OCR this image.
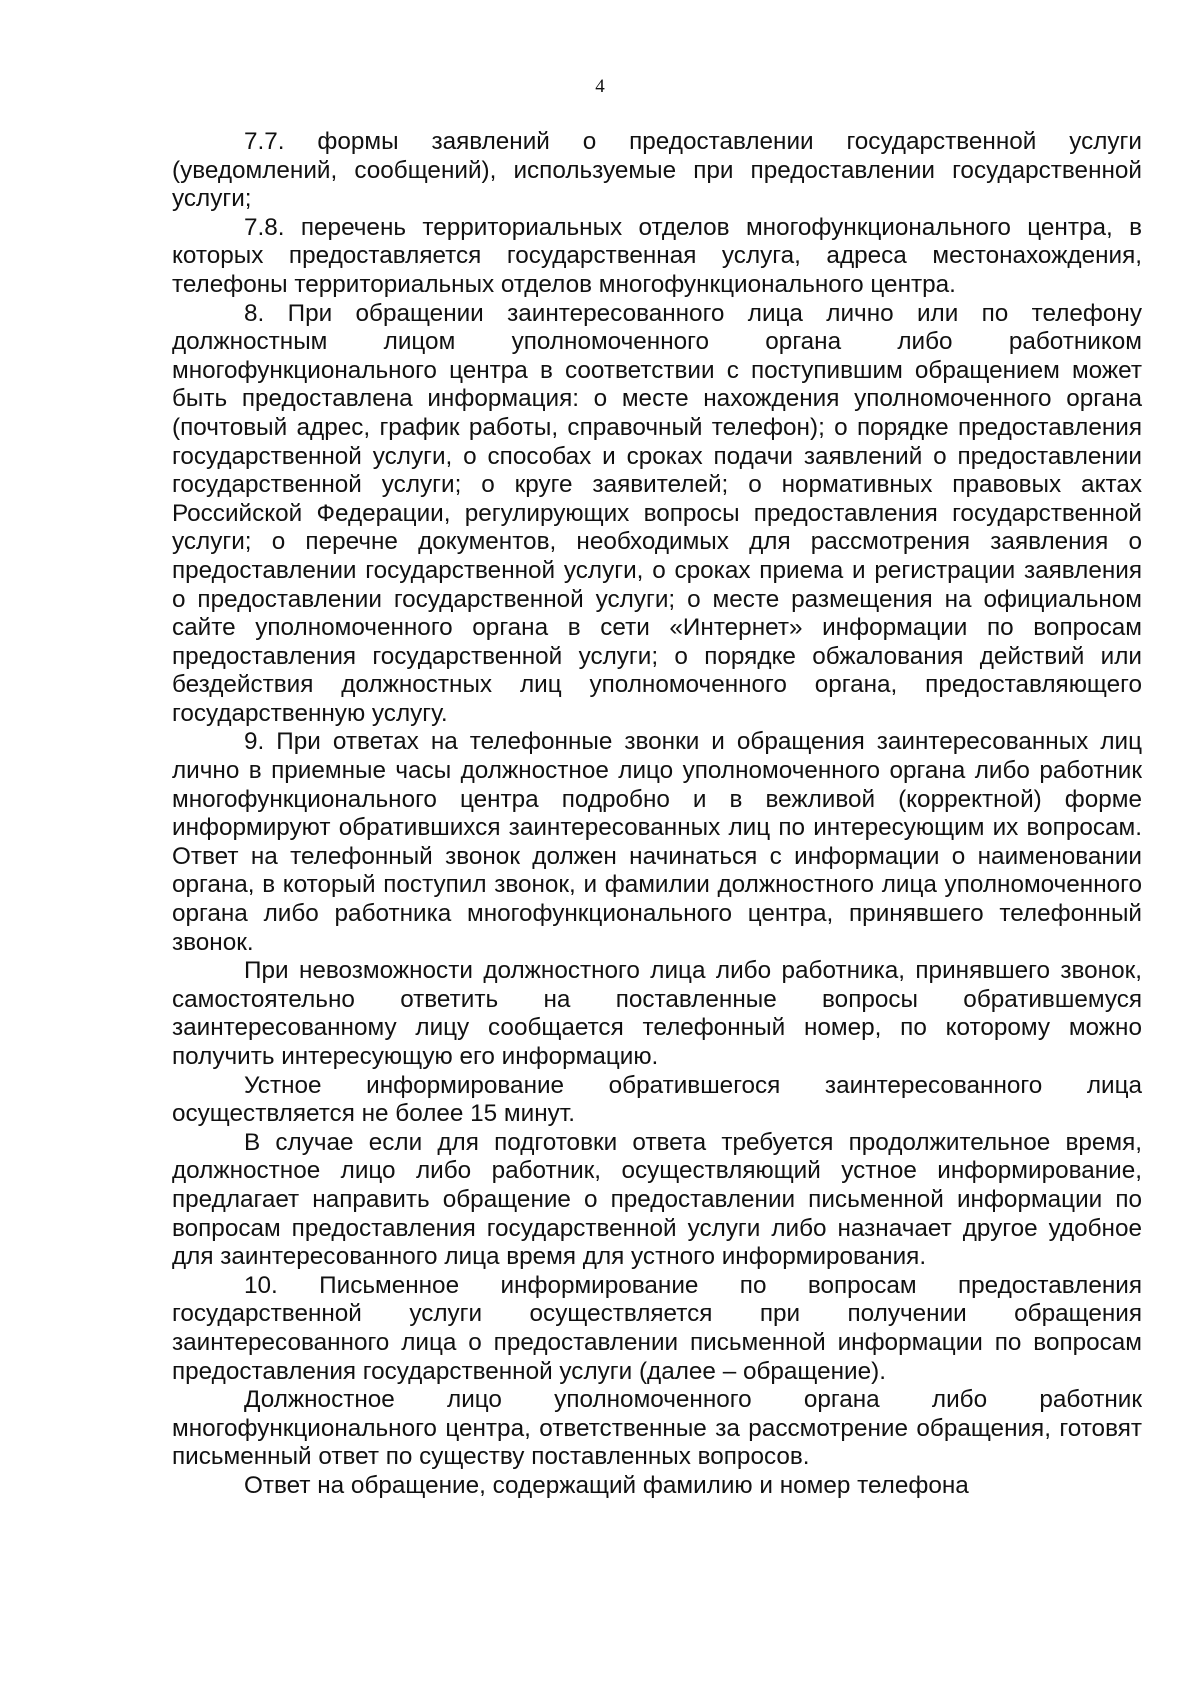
4

7.7. формы заявлений о предоставлении государственной услуги (уведомлений, сообщений), используемые при предоставлении государственной услуги;

7.8. перечень территориальных отделов многофункционального центра, в которых предоставляется государственная услуга, адреса местонахождения, телефоны территориальных отделов многофункционального центра.

8. При обращении заинтересованного лица лично или по телефону должностным лицом уполномоченного органа либо работником многофункционального центра в соответствии с поступившим обращением может быть предоставлена информация: о месте нахождения уполномоченного органа (почтовый адрес, график работы, справочный телефон); о порядке предоставления государственной услуги, о способах и сроках подачи заявлений о предоставлении государственной услуги; о круге заявителей; о нормативных правовых актах Российской Федерации, регулирующих вопросы предоставления государственной услуги; о перечне документов, необходимых для рассмотрения заявления о предоставлении государственной услуги, о сроках приема и регистрации заявления о предоставлении государственной услуги; о месте размещения на официальном сайте уполномоченного органа в сети «Интернет» информации по вопросам предоставления государственной услуги; о порядке обжалования действий или бездействия должностных лиц уполномоченного органа, предоставляющего государственную услугу.

9. При ответах на телефонные звонки и обращения заинтересованных лиц лично в приемные часы должностное лицо уполномоченного органа либо работник многофункционального центра подробно и в вежливой (корректной) форме информируют обратившихся заинтересованных лиц по интересующим их вопросам. Ответ на телефонный звонок должен начинаться с информации о наименовании органа, в который поступил звонок, и фамилии должностного лица уполномоченного органа либо работника многофункционального центра, принявшего телефонный звонок.

При невозможности должностного лица либо работника, принявшего звонок, самостоятельно ответить на поставленные вопросы обратившемуся заинтересованному лицу сообщается телефонный номер, по которому можно получить интересующую его информацию.

Устное информирование обратившегося заинтересованного лица осуществляется не более 15 минут.

В случае если для подготовки ответа требуется продолжительное время, должностное лицо либо работник, осуществляющий устное информирование, предлагает направить обращение о предоставлении письменной информации по вопросам предоставления государственной услуги либо назначает другое удобное для заинтересованного лица время для устного информирования.

10. Письменное информирование по вопросам предоставления государственной услуги осуществляется при получении обращения заинтересованного лица о предоставлении письменной информации по вопросам предоставления государственной услуги (далее – обращение).

Должностное лицо уполномоченного органа либо работник многофункционального центра, ответственные за рассмотрение обращения, готовят письменный ответ по существу поставленных вопросов.

Ответ на обращение, содержащий фамилию и номер телефона
